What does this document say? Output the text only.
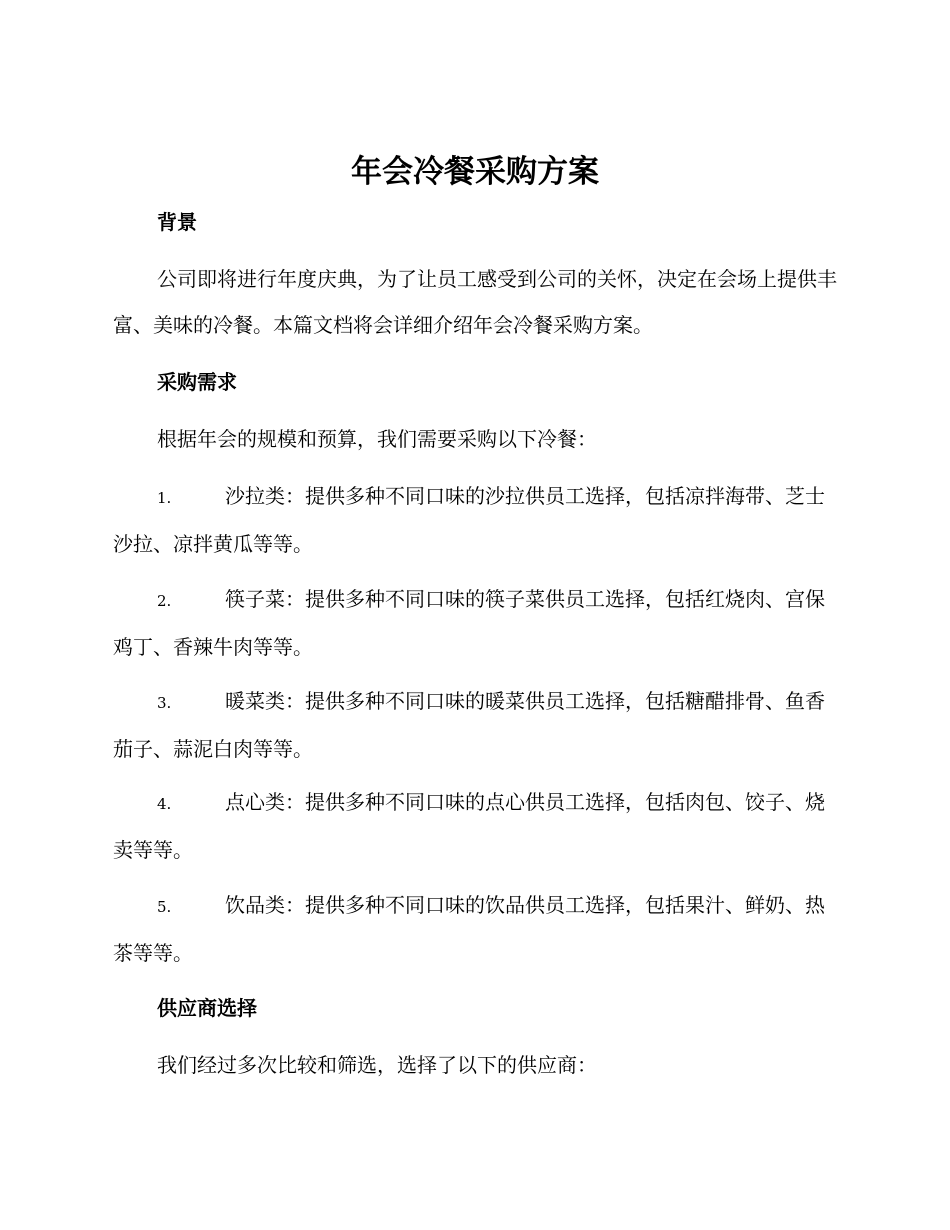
年会冷餐采购方案
背景
公司即将进行年度庆典，为了让员工感受到公司的关怀，决定在会场上提供丰富、美味的冷餐。本篇文档将会详细介绍年会冷餐采购方案。
采购需求
根据年会的规模和预算，我们需要采购以下冷餐：
1.	沙拉类：提供多种不同口味的沙拉供员工选择，包括凉拌海带、芝士沙拉、凉拌黄瓜等等。
2.	筷子菜：提供多种不同口味的筷子菜供员工选择，包括红烧肉、宫保鸡丁、香辣牛肉等等。
3.	暖菜类：提供多种不同口味的暖菜供员工选择，包括糖醋排骨、鱼香茄子、蒜泥白肉等等。
4.	点心类：提供多种不同口味的点心供员工选择，包括肉包、饺子、烧卖等等。
5.	饮品类：提供多种不同口味的饮品供员工选择，包括果汁、鲜奶、热茶等等。
供应商选择
我们经过多次比较和筛选，选择了以下的供应商：
